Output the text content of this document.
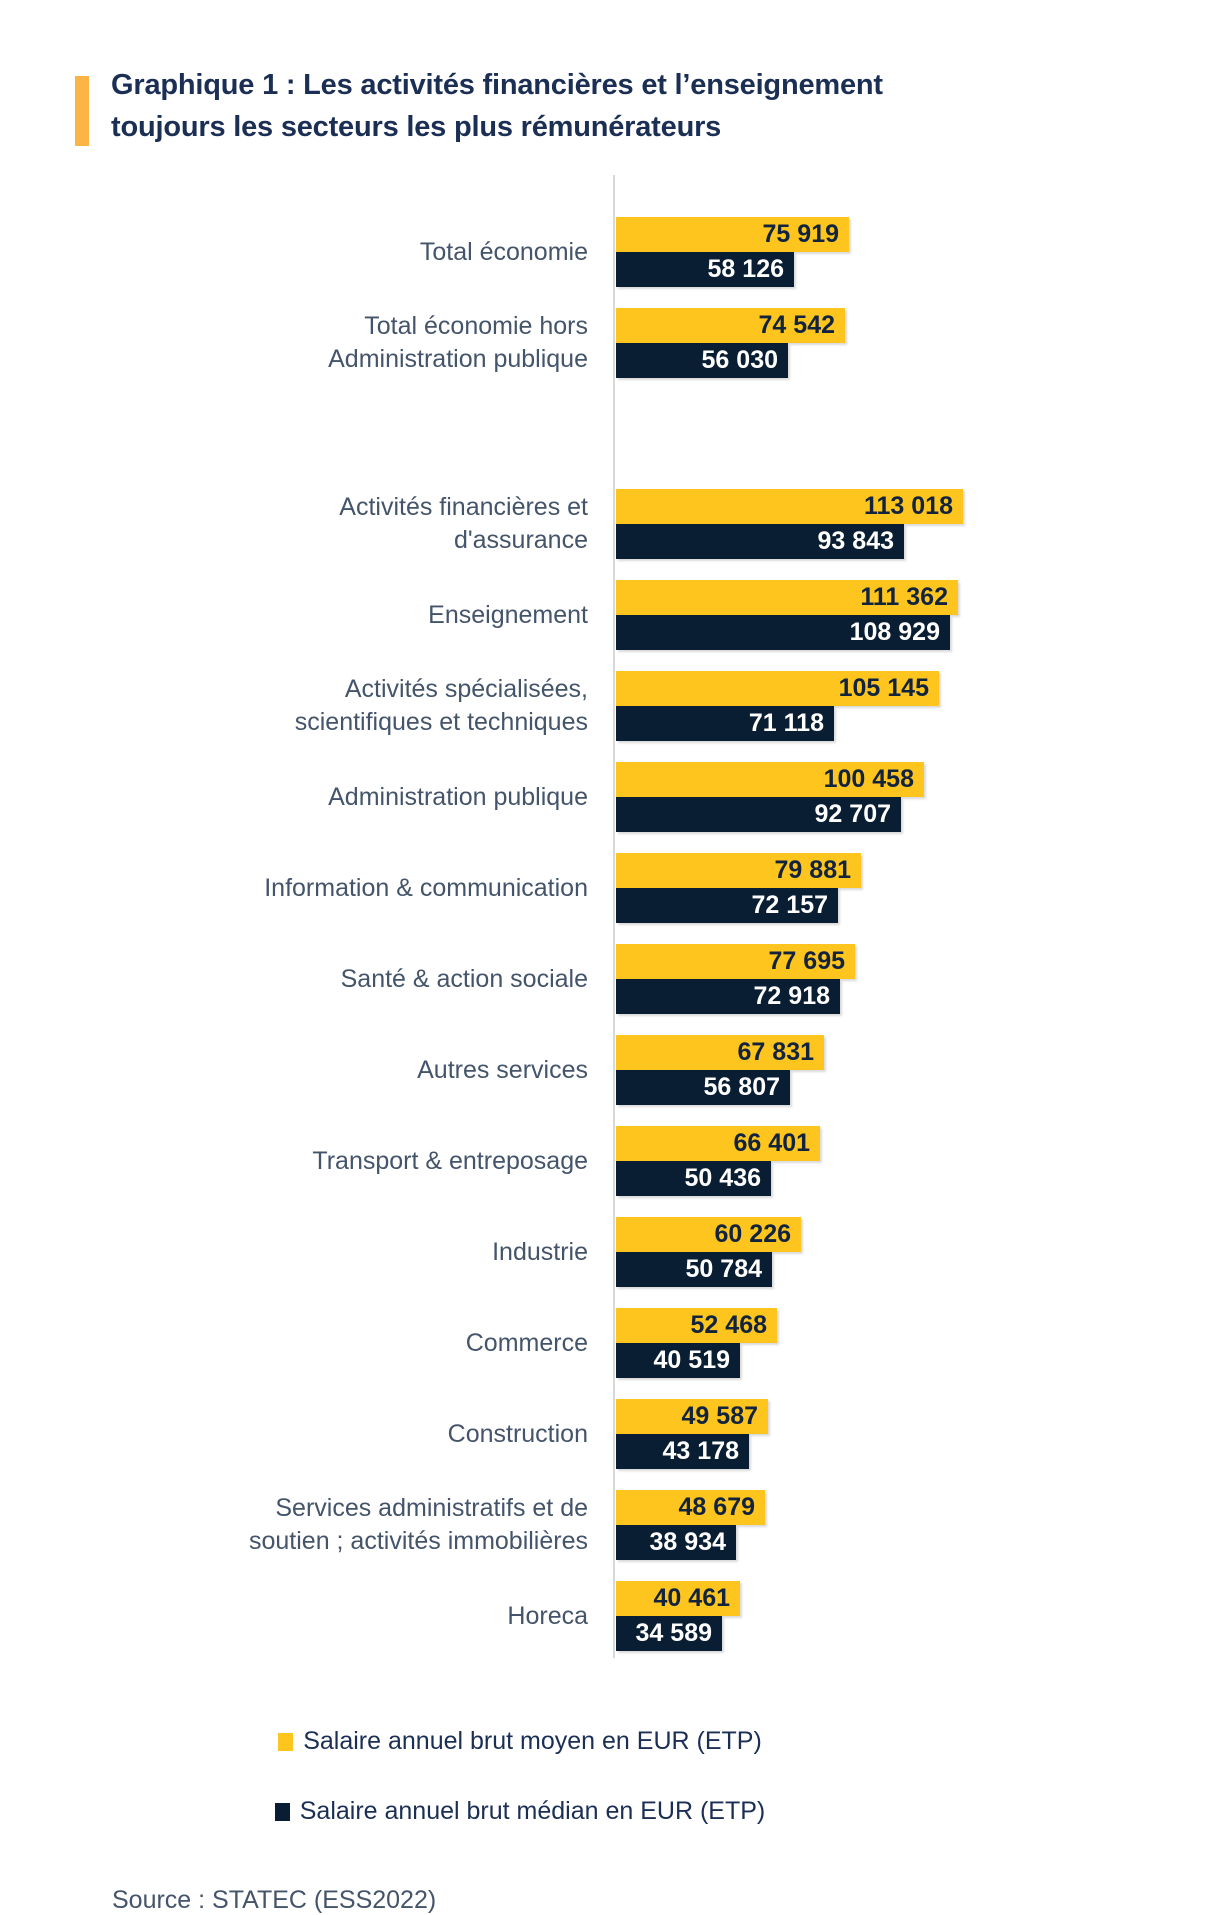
Graphique 1 : Les activités financières et l’enseignement
toujours les secteurs les plus rémunérateurs
Total économie
75 919
58 126
Total économie hors
Administration publique
74 542
56 030
Activités financières et
d'assurance
113 018
93 843
Enseignement
111 362
108 929
Activités spécialisées,
scientifiques et techniques
105 145
71 118
Administration publique
100 458
92 707
Information & communication
79 881
72 157
Santé & action sociale
77 695
72 918
Autres services
67 831
56 807
Transport & entreposage
66 401
50 436
Industrie
60 226
50 784
Commerce
52 468
40 519
Construction
49 587
43 178
Services administratifs et de
soutien ; activités immobilières
48 679
38 934
Horeca
40 461
34 589
Salaire annuel brut moyen en EUR (ETP)
Salaire annuel brut médian en EUR (ETP)
Source : STATEC (ESS2022)
